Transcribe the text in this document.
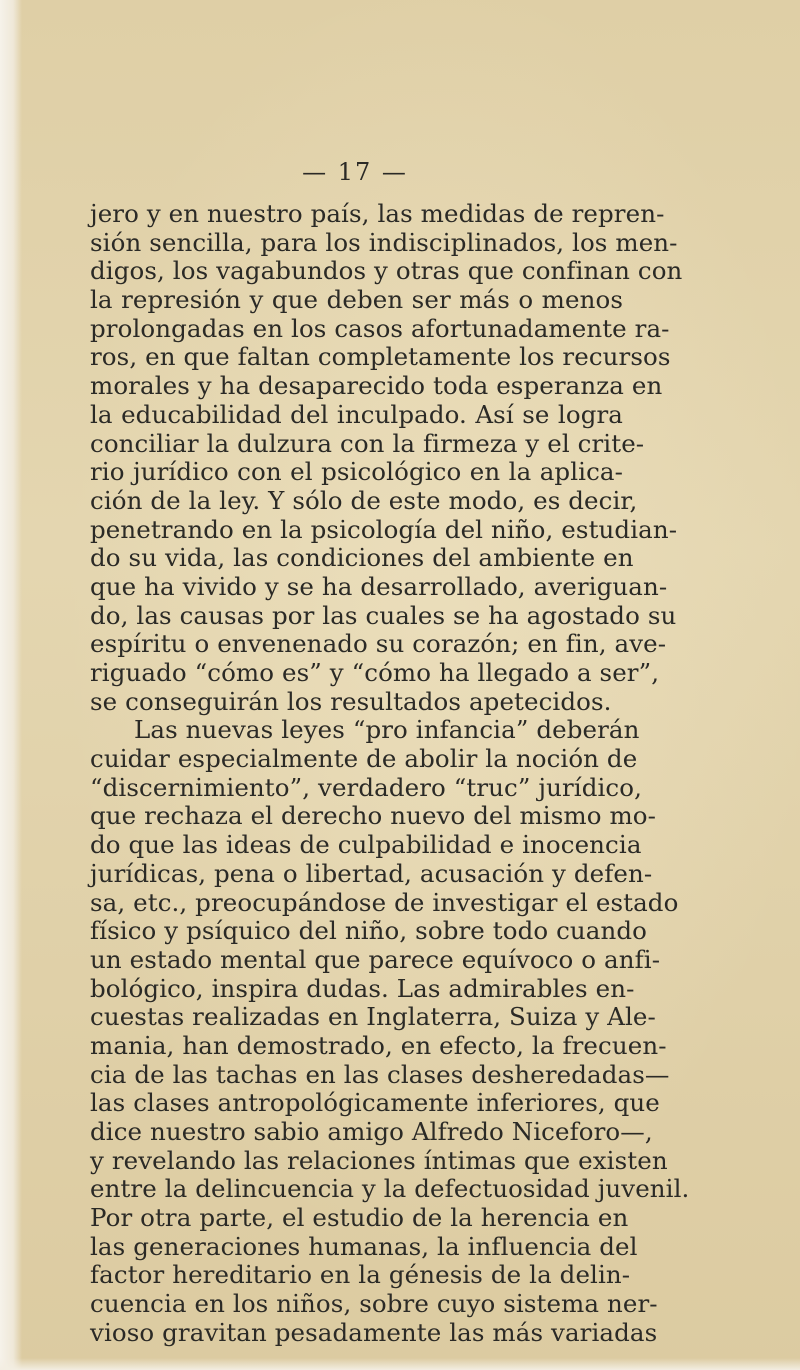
— 17 —
jero y en nuestro país, las medidas de repren-
sión sencilla, para los indisciplinados, los men-
digos, los vagabundos y otras que confinan con
la represión y que deben ser más o menos
prolongadas en los casos afortunadamente ra-
ros, en que faltan completamente los recursos
morales y ha desaparecido toda esperanza en
la educabilidad del inculpado. Así se logra
conciliar la dulzura con la firmeza y el crite-
rio jurídico con el psicológico en la aplica-
ción de la ley. Y sólo de este modo, es decir,
penetrando en la psicología del niño, estudian-
do su vida, las condiciones del ambiente en
que ha vivido y se ha desarrollado, averiguan-
do, las causas por las cuales se ha agostado su
espíritu o envenenado su corazón; en fin, ave-
riguado “cómo es” y “cómo ha llegado a ser”,
se conseguirán los resultados apetecidos.
Las nuevas leyes “pro infancia” deberán
cuidar especialmente de abolir la noción de
“discernimiento”, verdadero “truc” jurídico,
que rechaza el derecho nuevo del mismo mo-
do que las ideas de culpabilidad e inocencia
jurídicas, pena o libertad, acusación y defen-
sa, etc., preocupándose de investigar el estado
físico y psíquico del niño, sobre todo cuando
un estado mental que parece equívoco o anfi-
bológico, inspira dudas. Las admirables en-
cuestas realizadas en Inglaterra, Suiza y Ale-
mania, han demostrado, en efecto, la frecuen-
cia de las tachas en las clases desheredadas—
las clases antropológicamente inferiores, que
dice nuestro sabio amigo Alfredo Niceforo—,
y revelando las relaciones íntimas que existen
entre la delincuencia y la defectuosidad juvenil.
Por otra parte, el estudio de la herencia en
las generaciones humanas, la influencia del
factor hereditario en la génesis de la delin-
cuencia en los niños, sobre cuyo sistema ner-
vioso gravitan pesadamente las más variadas
